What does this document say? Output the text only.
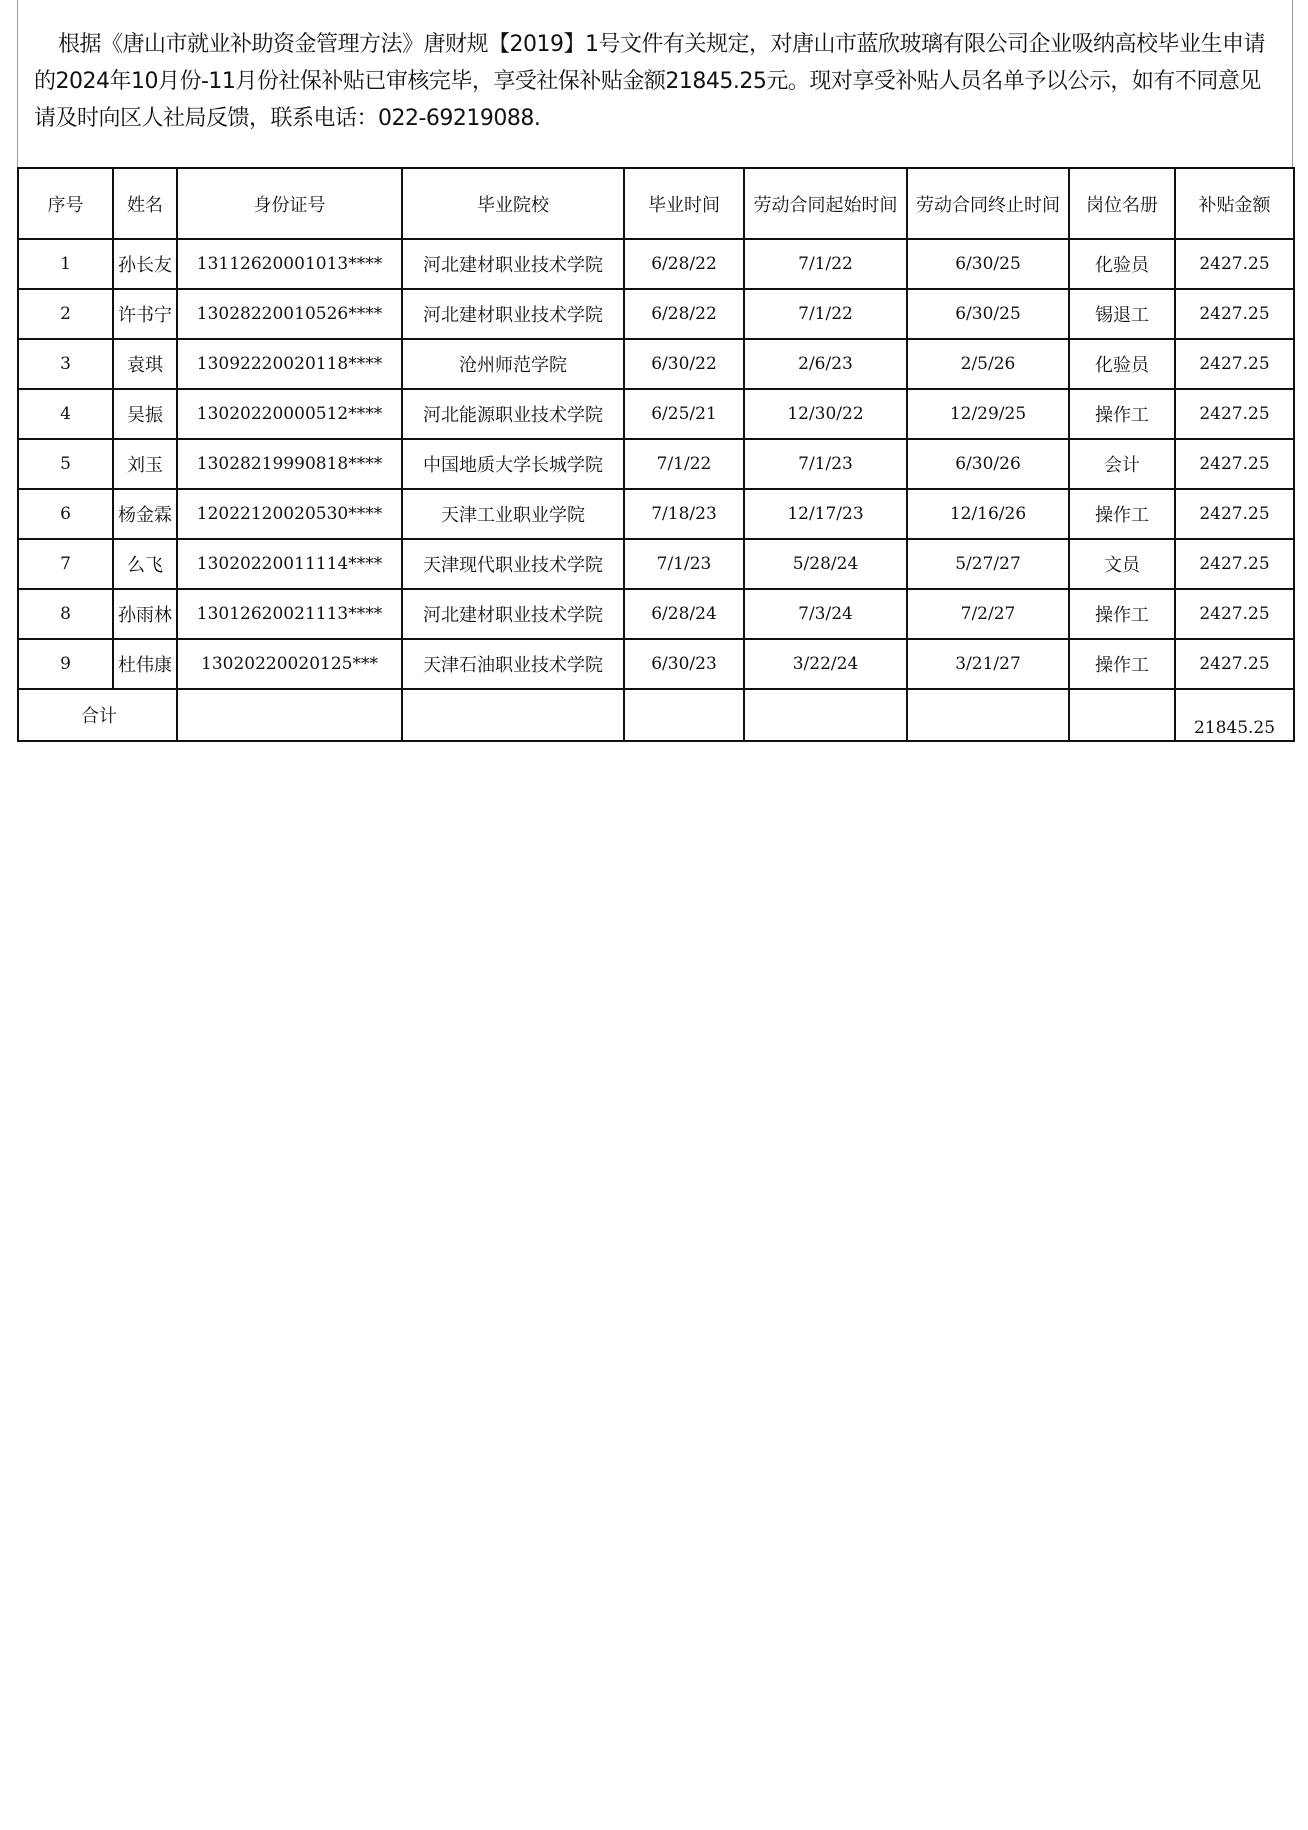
根据《唐山市就业补助资金管理方法》唐财规【2019】1号文件有关规定，对唐山市蓝欣玻璃有限公司企业吸纳高校毕业生申请的2024年10月份-11月份社保补贴已审核完毕，享受社保补贴金额21845.25元。现对享受补贴人员名单予以公示，如有不同意见请及时向区人社局反馈，联系电话：022-69219088.

序号	姓名	身份证号	毕业院校	毕业时间	劳动合同起始时间	劳动合同终止时间	岗位名册	补贴金额
1	孙长友	13112620001013****	河北建材职业技术学院	6/28/22	7/1/22	6/30/25	化验员	2427.25
2	许书宁	13028220010526****	河北建材职业技术学院	6/28/22	7/1/22	6/30/25	锡退工	2427.25
3	袁琪	13092220020118****	沧州师范学院	6/30/22	2/6/23	2/5/26	化验员	2427.25
4	吴振	13020220000512****	河北能源职业技术学院	6/25/21	12/30/22	12/29/25	操作工	2427.25
5	刘玉	13028219990818****	中国地质大学长城学院	7/1/22	7/1/23	6/30/26	会计	2427.25
6	杨金霖	12022120020530****	天津工业职业学院	7/18/23	12/17/23	12/16/26	操作工	2427.25
7	么飞	13020220011114****	天津现代职业技术学院	7/1/23	5/28/24	5/27/27	文员	2427.25
8	孙雨林	13012620021113****	河北建材职业技术学院	6/28/24	7/3/24	7/2/27	操作工	2427.25
9	杜伟康	13020220020125***	天津石油职业技术学院	6/30/23	3/22/24	3/21/27	操作工	2427.25
合计								21845.25
